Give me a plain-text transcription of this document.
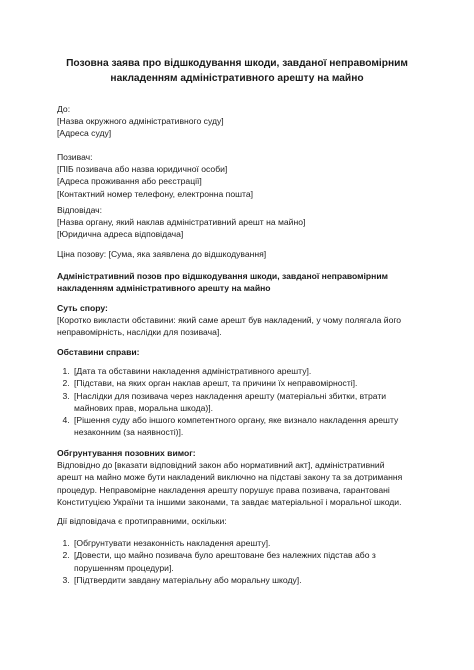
Позовна заява про відшкодування шкоди, завданої неправомірним
накладенням адміністративного арешту на майно
До:
[Назва окружного адміністративного суду]
[Адреса суду]
Позивач:
[ПІБ позивача або назва юридичної особи]
[Адреса проживання або реєстрації]
[Контактний номер телефону, електронна пошта]
Відповідач:
[Назва органу, який наклав адміністративний арешт на майно]
[Юридична адреса відповідача]
Ціна позову: [Сума, яка заявлена до відшкодування]
Адміністративний позов про відшкодування шкоди, завданої неправомірним
накладенням адміністративного арешту на майно
Суть спору:
[Коротко викласти обставини: який саме арешт був накладений, у чому полягала його
неправомірність, наслідки для позивача].
Обставини справи:
1. [Дата та обставини накладення адміністративного арешту].
2. [Підстави, на яких орган наклав арешт, та причини їх неправомірності].
3. [Наслідки для позивача через накладення арешту (матеріальні збитки, втрати
майнових прав, моральна шкода)].
4. [Рішення суду або іншого компетентного органу, яке визнало накладення арешту
незаконним (за наявності)].
Обгрунтування позовних вимог:
Відповідно до [вказати відповідний закон або нормативний акт], адміністративний
арешт на майно може бути накладений виключно на підставі закону та за дотримання
процедур. Неправомірне накладення арешту порушує права позивача, гарантовані
Конституцією України та іншими законами, та завдає матеріальної і моральної шкоди.
Дії відповідача є протиправними, оскільки:
1. [Обгрунтувати незаконність накладення арешту].
2. [Довести, що майно позивача було арештоване без належних підстав або з
порушенням процедури].
3. [Підтвердити завдану матеріальну або моральну шкоду].
